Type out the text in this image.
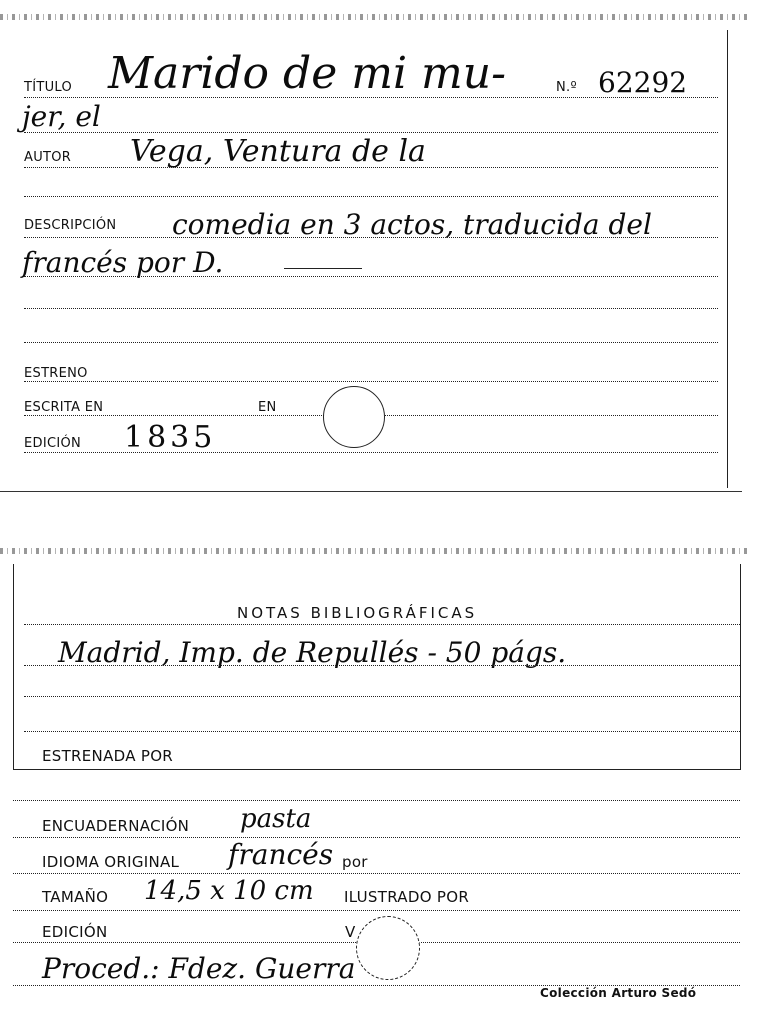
TÍTULO Marido de mi mu-	N.º 62292
jer, el
AUTOR Vega, Ventura de la
DESCRIPCIÓN comedia en 3 actos, traducida del
francés por D.
ESTRENO
ESCRITA EN	EN
EDICIÓN 1835
NOTAS BIBLIOGRÁFICAS
Madrid, Imp. de Repullés - 50 págs.
ESTRENADA POR
ENCUADERNACIÓN pasta
IDIOMA ORIGINAL francés por
TAMAÑO 14,5 x 10 cm ILUSTRADO POR
EDICIÓN	V
Proced.: Fdez. Guerra
Colección Arturo Sedó
